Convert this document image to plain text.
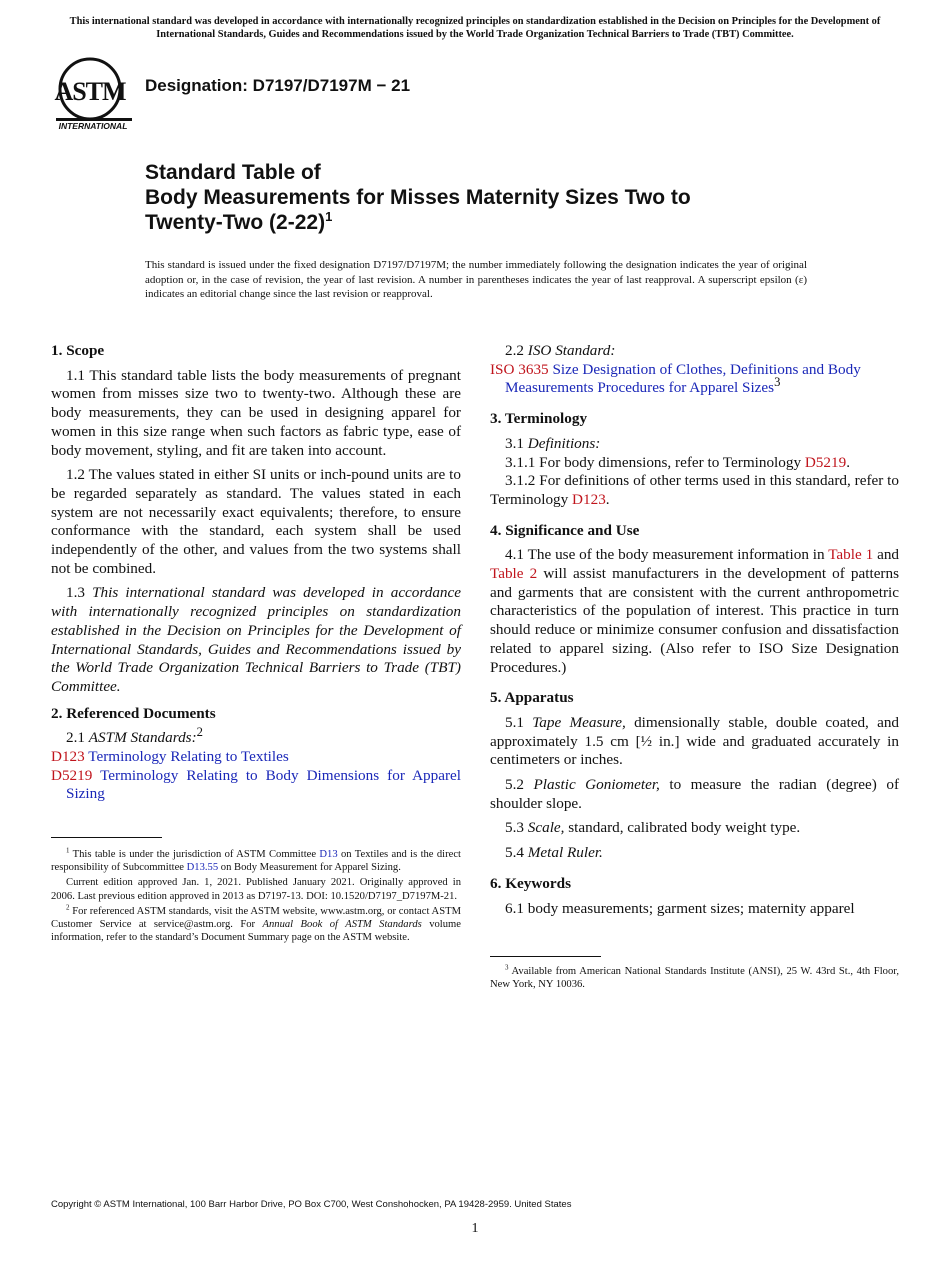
This international standard was developed in accordance with internationally recognized principles on standardization established in the Decision on Principles for the Development of International Standards, Guides and Recommendations issued by the World Trade Organization Technical Barriers to Trade (TBT) Committee.
ASTM
INTERNATIONAL
Designation: D7197/D7197M − 21
Standard Table of
Body Measurements for Misses Maternity Sizes Two to
Twenty-Two $(2-22)^1$
This standard is issued under the fixed designation D7197/D7197M; the number immediately following the designation indicates the year of original adoption or, in the case of revision, the year of last revision. A number in parentheses indicates the year of last reapproval. A superscript epsilon (ε) indicates an editorial change since the last revision or reapproval.
1. Scope

1.1 This standard table lists the body measurements of pregnant women from misses size two to twenty-two. Although these are body measurements, they can be used in designing apparel for women in this size range when such factors as fabric type, ease of body movement, styling, and fit are taken into account.

1.2 The values stated in either SI units or inch-pound units are to be regarded separately as standard. The values stated in each system are not necessarily exact equivalents; therefore, to ensure conformance with the standard, each system shall be used independently of the other, and values from the two systems shall not be combined.

1.3 This international standard was developed in accordance with internationally recognized principles on standardization established in the Decision on Principles for the Development of International Standards, Guides and Recommendations issued by the World Trade Organization Technical Barriers to Trade (TBT) Committee.

2. Referenced Documents

2.1 ASTM Standards:$^2$

D123 Terminology Relating to Textiles

D5219 Terminology Relating to Body Dimensions for Apparel Sizing

$^1$ This table is under the jurisdiction of ASTM Committee D13 on Textiles and is the direct responsibility of Subcommittee D13.55 on Body Measurement for Apparel Sizing.

Current edition approved Jan. 1, 2021. Published January 2021. Originally approved in 2006. Last previous edition approved in 2013 as D7197-13. DOI: 10.1520/D7197_D7197M-21.

$^2$ For referenced ASTM standards, visit the ASTM website, www.astm.org, or contact ASTM Customer Service at service@astm.org. For Annual Book of ASTM Standards volume information, refer to the standard’s Document Summary page on the ASTM website.

2.2 ISO Standard:

ISO 3635 Size Designation of Clothes, Definitions and Body Measurements Procedures for Apparel Sizes$^3$

3. Terminology

3.1 Definitions:

3.1.1 For body dimensions, refer to Terminology D5219.

3.1.2 For definitions of other terms used in this standard, refer to Terminology D123.

4. Significance and Use

4.1 The use of the body measurement information in Table 1 and Table 2 will assist manufacturers in the development of patterns and garments that are consistent with the current anthropometric characteristics of the population of interest. This practice in turn should reduce or minimize consumer confusion and dissatisfaction related to apparel sizing. (Also refer to ISO Size Designation Procedures.)

5. Apparatus

5.1 Tape Measure, dimensionally stable, double coated, and approximately 1.5 cm [½ in.] wide and graduated accurately in centimeters or inches.

5.2 Plastic Goniometer, to measure the radian (degree) of shoulder slope.

5.3 Scale, standard, calibrated body weight type.

5.4 Metal Ruler.

6. Keywords

6.1 body measurements; garment sizes; maternity apparel

$^3$ Available from American National Standards Institute (ANSI), 25 W. 43rd St., 4th Floor, New York, NY 10036.

Copyright © ASTM International, 100 Barr Harbor Drive, PO Box C700, West Conshohocken, PA 19428-2959. United States
1
